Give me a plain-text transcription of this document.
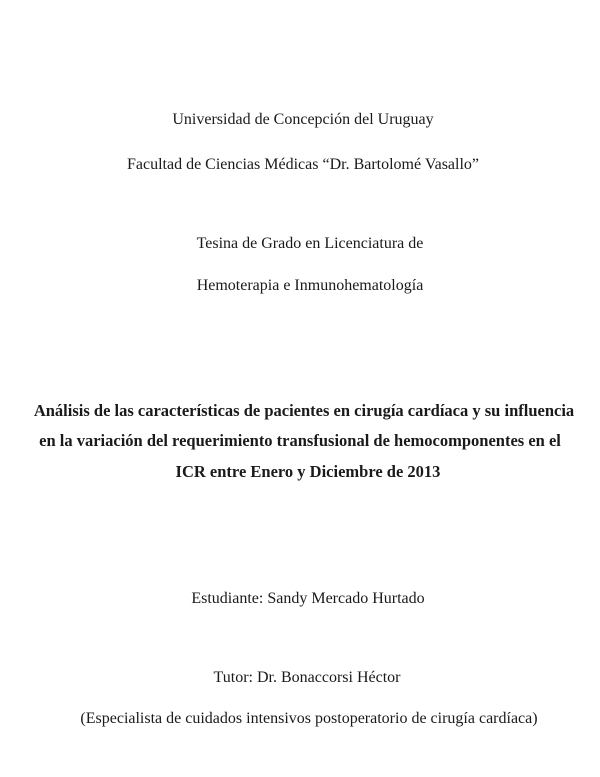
Universidad de Concepción del Uruguay
Facultad de Ciencias Médicas “Dr. Bartolomé Vasallo”
Tesina de Grado en Licenciatura de
Hemoterapia e Inmunohematología
Análisis de las características de pacientes en cirugía cardíaca y su influencia
en la variación del requerimiento transfusional de hemocomponentes en el
ICR entre Enero y Diciembre de 2013
Estudiante: Sandy Mercado Hurtado
Tutor: Dr. Bonaccorsi Héctor
(Especialista de cuidados intensivos postoperatorio de cirugía cardíaca)
